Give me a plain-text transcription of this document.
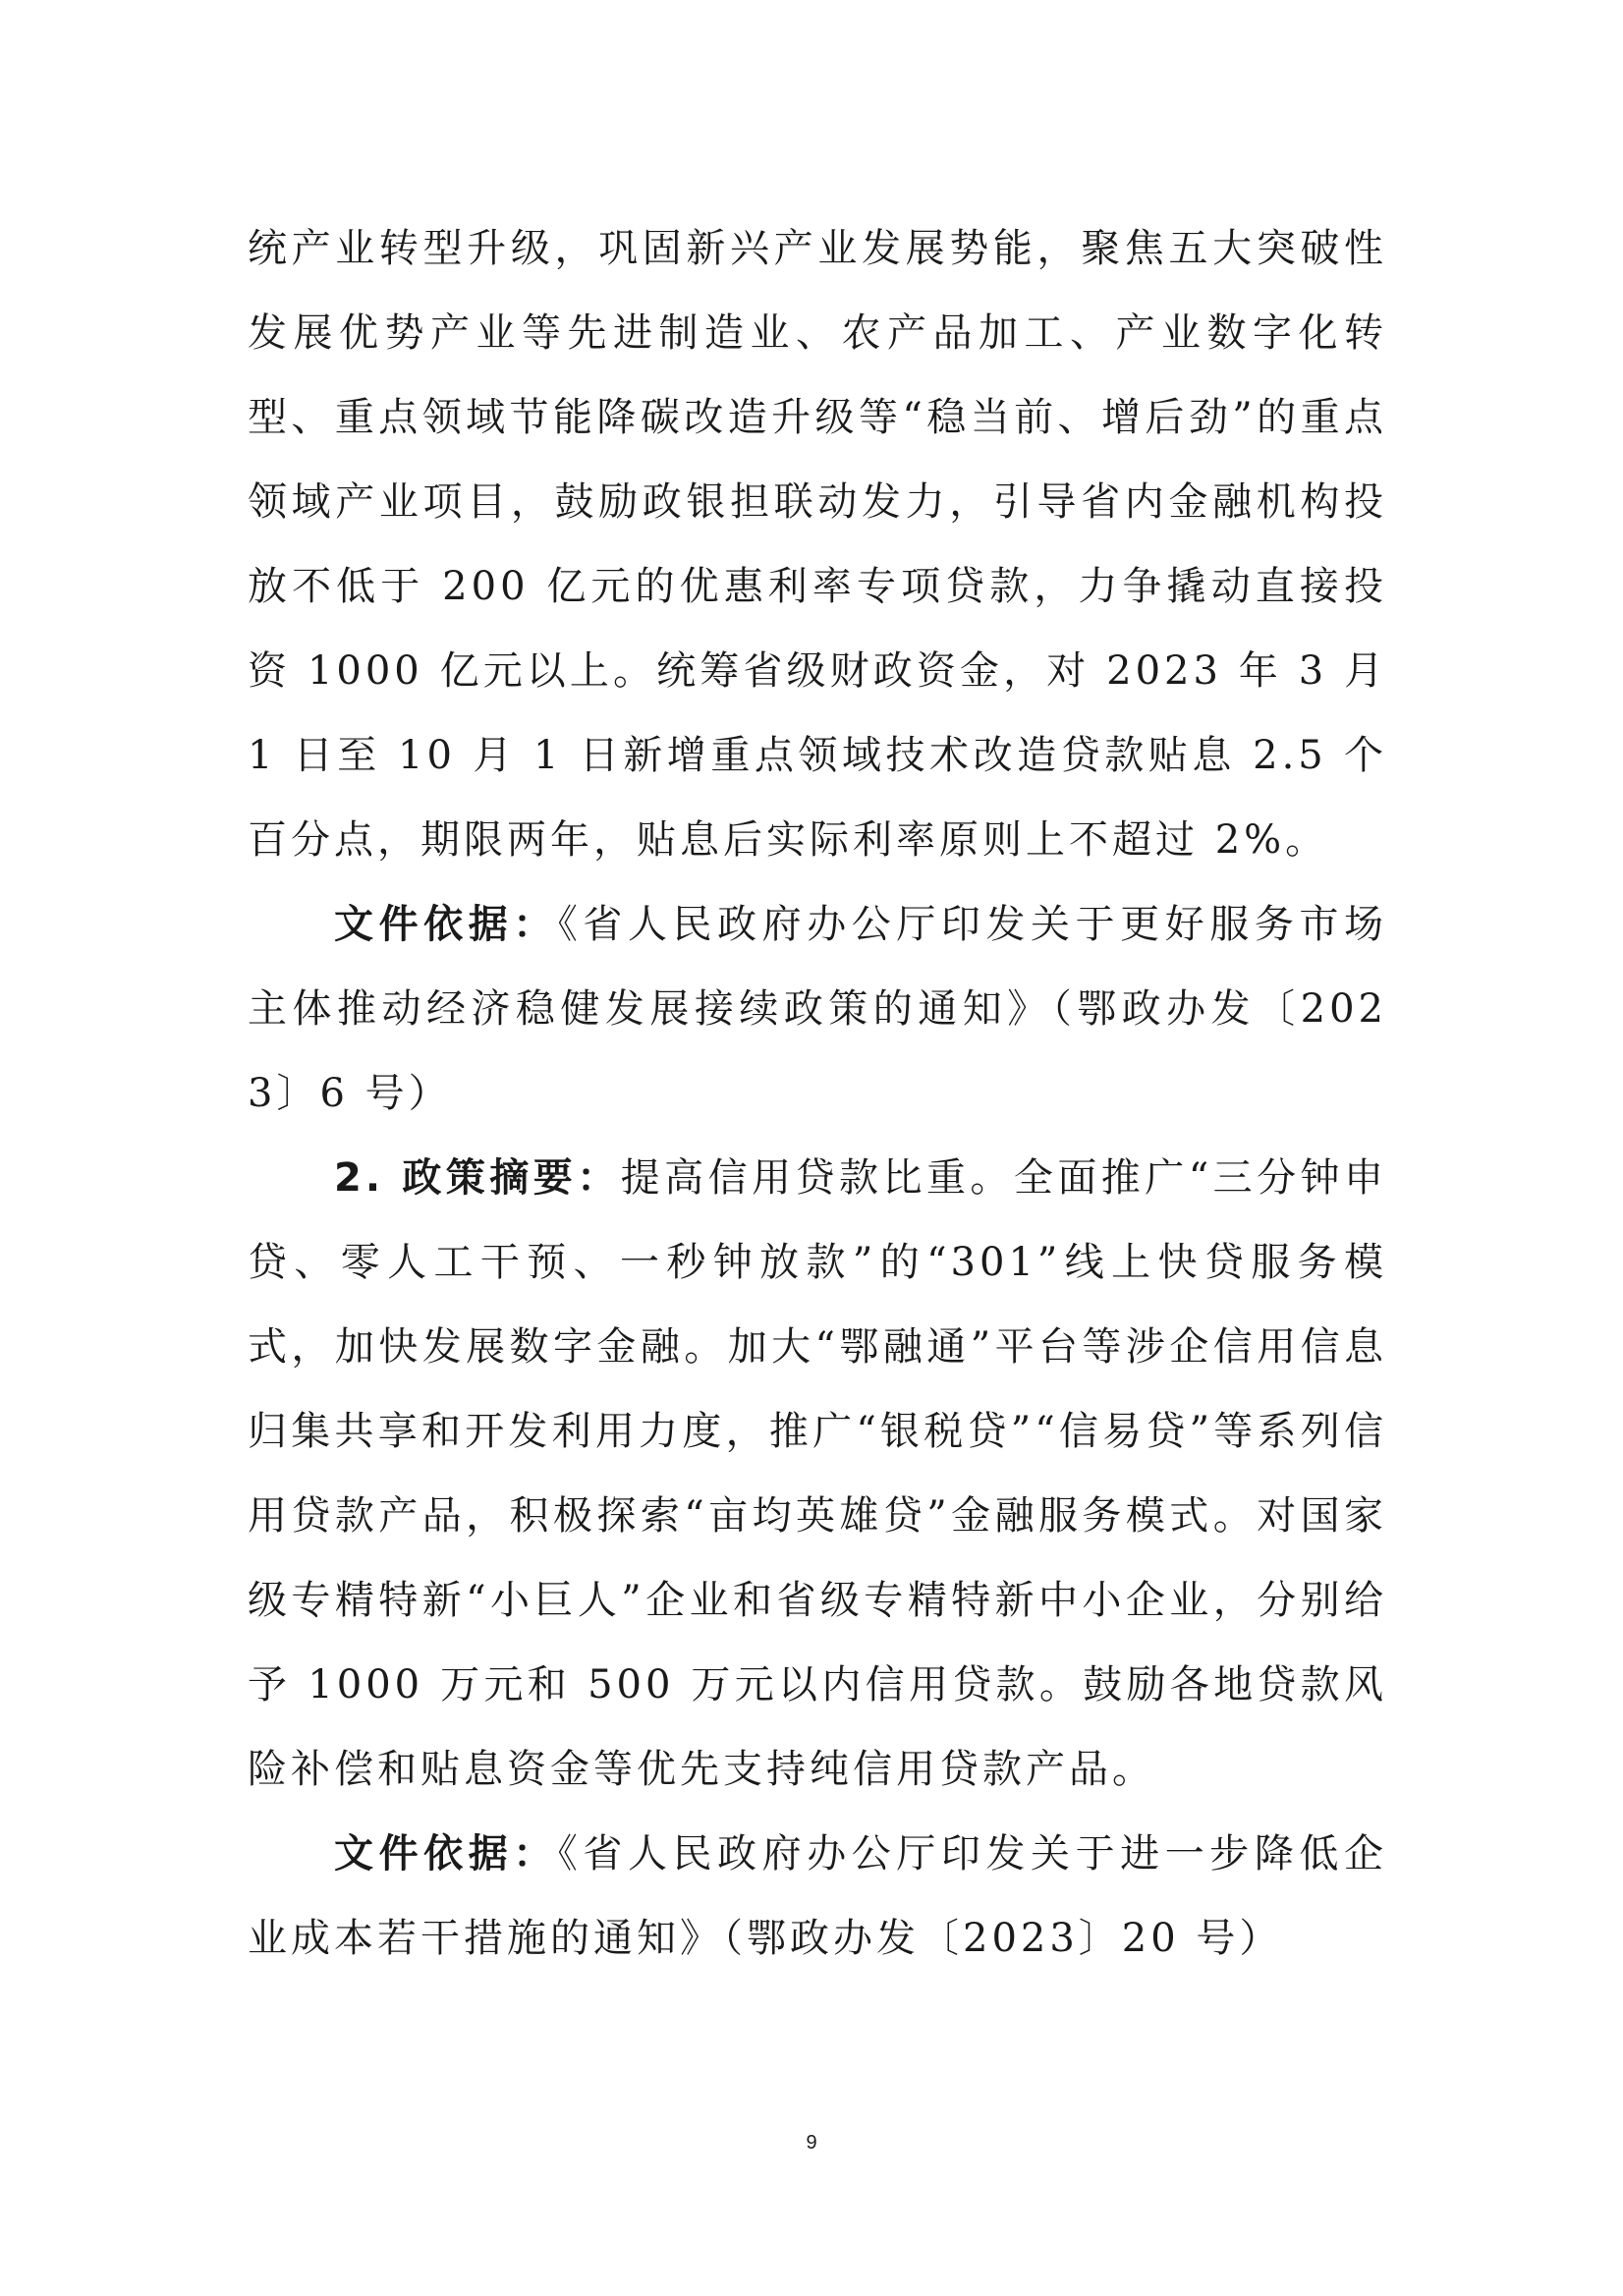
统产业转型升级，巩固新兴产业发展势能，聚焦五大突破性发展优势产业等先进制造业、农产品加工、产业数字化转型、重点领域节能降碳改造升级等“稳当前、增后劲”的重点领域产业项目，鼓励政银担联动发力，引导省内金融机构投放不低于 200 亿元的优惠利率专项贷款，力争撬动直接投资 1000 亿元以上。统筹省级财政资金，对 2023 年 3 月 1 日至 10 月 1 日新增重点领域技术改造贷款贴息 2.5 个百分点，期限两年，贴息后实际利率原则上不超过 2%。

文件依据：《省人民政府办公厅印发关于更好服务市场主体推动经济稳健发展接续政策的通知》（鄂政办发〔2023〕6 号）

2. 政策摘要：提高信用贷款比重。全面推广“三分钟申贷、零人工干预、一秒钟放款”的“301”线上快贷服务模式，加快发展数字金融。加大“鄂融通”平台等涉企信用信息归集共享和开发利用力度，推广“银税贷”“信易贷”等系列信用贷款产品，积极探索“亩均英雄贷”金融服务模式。对国家级专精特新“小巨人”企业和省级专精特新中小企业，分别给予 1000 万元和 500 万元以内信用贷款。鼓励各地贷款风险补偿和贴息资金等优先支持纯信用贷款产品。

文件依据：《省人民政府办公厅印发关于进一步降低企业成本若干措施的通知》（鄂政办发〔2023〕20 号）

9
